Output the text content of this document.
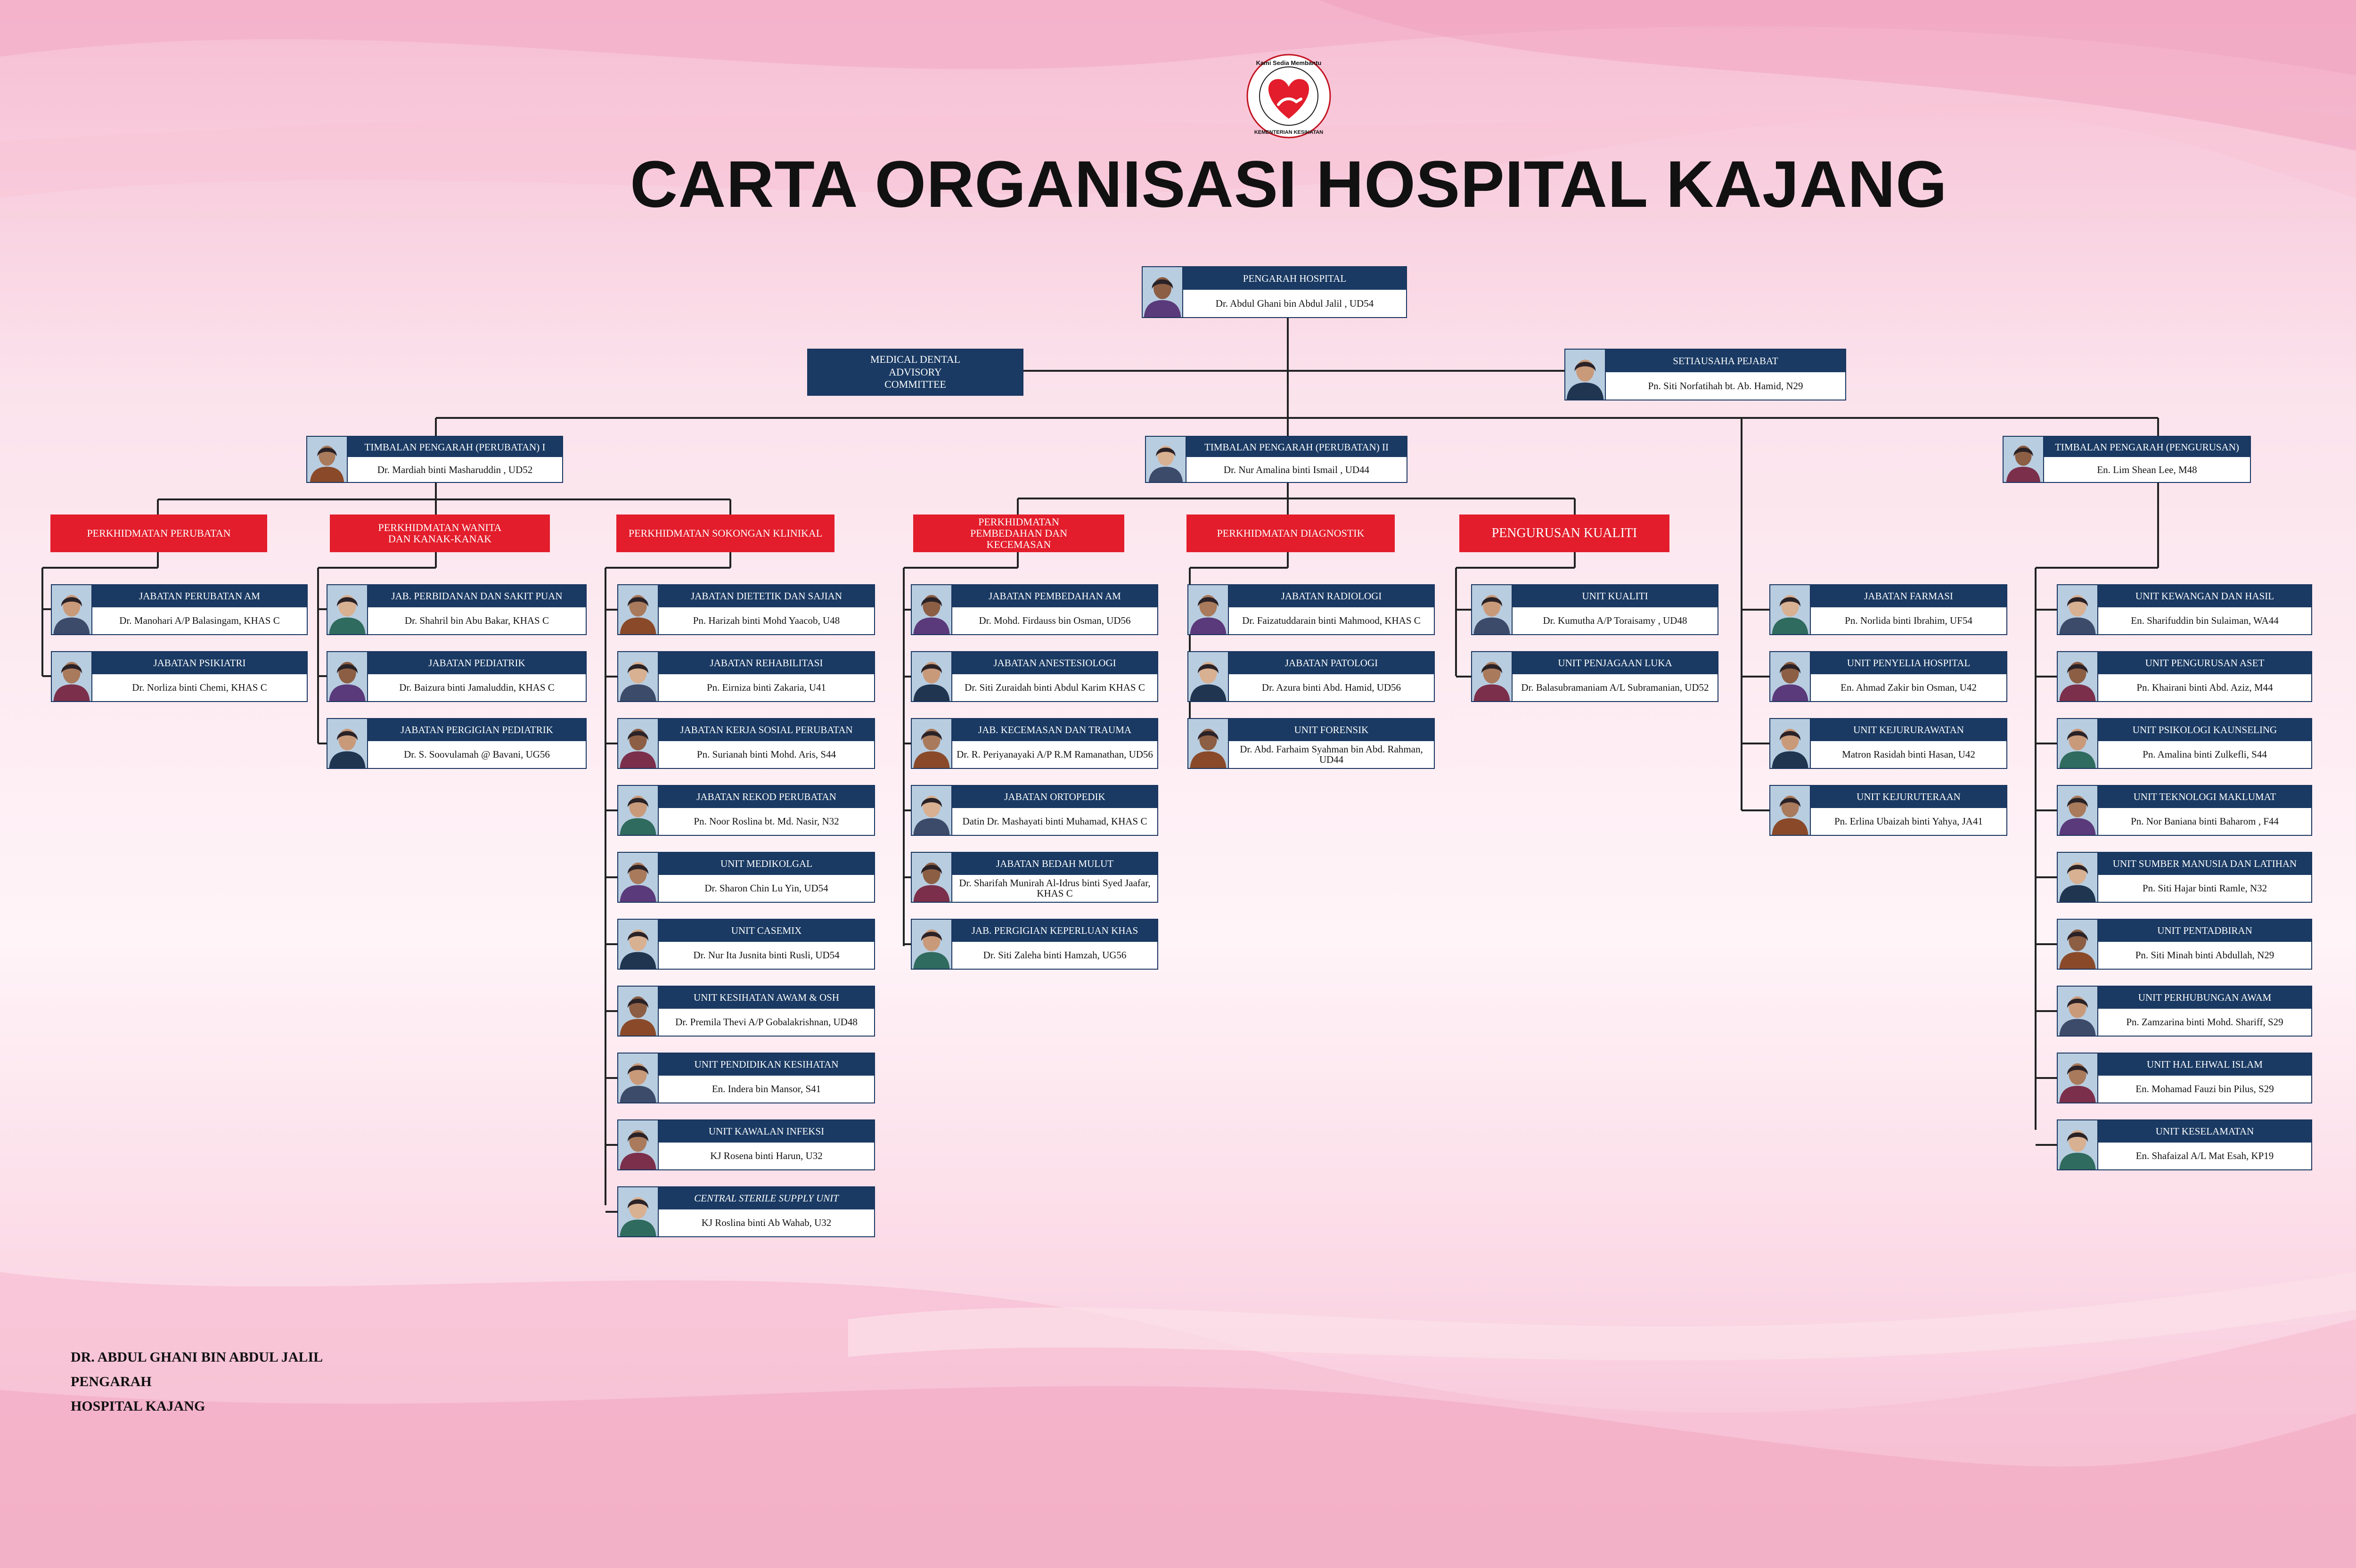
Kami Sedia Membantu
KEMENTERIAN KESIHATAN
CARTA ORGANISASI HOSPITAL KAJANG
PENGARAH HOSPITAL
Dr. Abdul Ghani bin Abdul Jalil , UD54
MEDICAL DENTAL ADVISORY COMMITTEE
SETIAUSAHA PEJABAT
Pn. Siti Norfatihah bt. Ab. Hamid, N29
TIMBALAN PENGARAH (PERUBATAN) I
Dr. Mardiah binti Masharuddin , UD52
TIMBALAN PENGARAH (PERUBATAN) II
Dr. Nur Amalina binti Ismail , UD44
TIMBALAN PENGARAH (PENGURUSAN)
En. Lim Shean Lee, M48
PERKHIDMATAN PERUBATAN	PERKHIDMATAN WANITA DAN KANAK-KANAK	PERKHIDMATAN SOKONGAN KLINIKAL
PERKHIDMATAN PEMBEDAHAN DAN KECEMASAN
PERKHIDMATAN DIAGNOSTIK	PENGURUSAN KUALITI
JABATAN PERUBATAN AM
Dr. Manohari A/P Balasingam, KHAS C
JABATAN PSIKIATRI
Dr. Norliza binti Chemi, KHAS C
JAB. PERBIDANAN DAN SAKIT PUAN
Dr. Shahril bin Abu Bakar, KHAS C
JABATAN PEDIATRIK
Dr. Baizura binti Jamaluddin, KHAS C
JABATAN PERGIGIAN PEDIATRIK
Dr. S. Soovulamah @ Bavani, UG56
JABATAN DIETETIK DAN SAJIAN
Pn. Harizah binti Mohd Yaacob, U48
JABATAN REHABILITASI
Pn. Eirniza binti Zakaria, U41
JABATAN KERJA SOSIAL PERUBATAN
Pn. Surianah binti Mohd. Aris, S44
JABATAN REKOD PERUBATAN
Pn. Noor Roslina bt. Md. Nasir, N32
UNIT MEDIKOLGAL
Dr. Sharon Chin Lu Yin, UD54
UNIT CASEMIX
Dr. Nur Ita Jusnita binti Rusli, UD54
UNIT KESIHATAN AWAM & OSH
Dr. Premila Thevi A/P Gobalakrishnan, UD48
UNIT PENDIDIKAN KESIHATAN
En. Indera bin Mansor, S41
UNIT KAWALAN INFEKSI
KJ Rosena binti Harun, U32
CENTRAL STERILE SUPPLY UNIT
KJ Roslina binti Ab Wahab, U32
JABATAN PEMBEDAHAN AM
Dr. Mohd. Firdauss bin Osman, UD56
JABATAN ANESTESIOLOGI
Dr. Siti Zuraidah binti Abdul Karim KHAS C
JAB. KECEMASAN DAN TRAUMA
Dr. R. Periyanayaki A/P R.M Ramanathan, UD56
JABATAN ORTOPEDIK
Datin Dr. Mashayati binti Muhamad, KHAS C
JABATAN BEDAH MULUT
Dr. Sharifah Munirah Al-Idrus binti Syed Jaafar, KHAS C
JAB. PERGIGIAN KEPERLUAN KHAS
Dr. Siti Zaleha binti Hamzah, UG56
JABATAN RADIOLOGI
Dr. Faizatuddarain binti Mahmood, KHAS C
JABATAN PATOLOGI
Dr. Azura binti Abd. Hamid, UD56
UNIT FORENSIK
Dr. Abd. Farhaim Syahman bin Abd. Rahman, UD44
UNIT KUALITI
Dr. Kumutha A/P Toraisamy , UD48
UNIT PENJAGAAN LUKA
Dr. Balasubramaniam A/L Subramanian, UD52
JABATAN FARMASI
Pn. Norlida binti Ibrahim, UF54
UNIT PENYELIA HOSPITAL
En. Ahmad Zakir bin Osman, U42
UNIT KEJURURAWATAN
Matron Rasidah binti Hasan, U42
UNIT KEJURUTERAAN
Pn. Erlina Ubaizah binti Yahya, JA41
UNIT KEWANGAN DAN HASIL
En. Sharifuddin bin Sulaiman, WA44
UNIT PENGURUSAN ASET
Pn. Khairani binti Abd. Aziz, M44
UNIT PSIKOLOGI KAUNSELING
Pn. Amalina binti Zulkefli, S44
UNIT TEKNOLOGI MAKLUMAT
Pn. Nor Baniana binti Baharom , F44
UNIT SUMBER MANUSIA DAN LATIHAN
Pn. Siti Hajar binti Ramle, N32
UNIT PENTADBIRAN
Pn. Siti Minah binti Abdullah, N29
UNIT PERHUBUNGAN AWAM
Pn. Zamzarina binti Mohd. Shariff, S29
UNIT HAL EHWAL ISLAM
En. Mohamad Fauzi bin Pilus, S29
UNIT KESELAMATAN
En. Shafaizal A/L Mat Esah, KP19
DR. ABDUL GHANI BIN ABDUL JALIL
PENGARAH
HOSPITAL KAJANG
